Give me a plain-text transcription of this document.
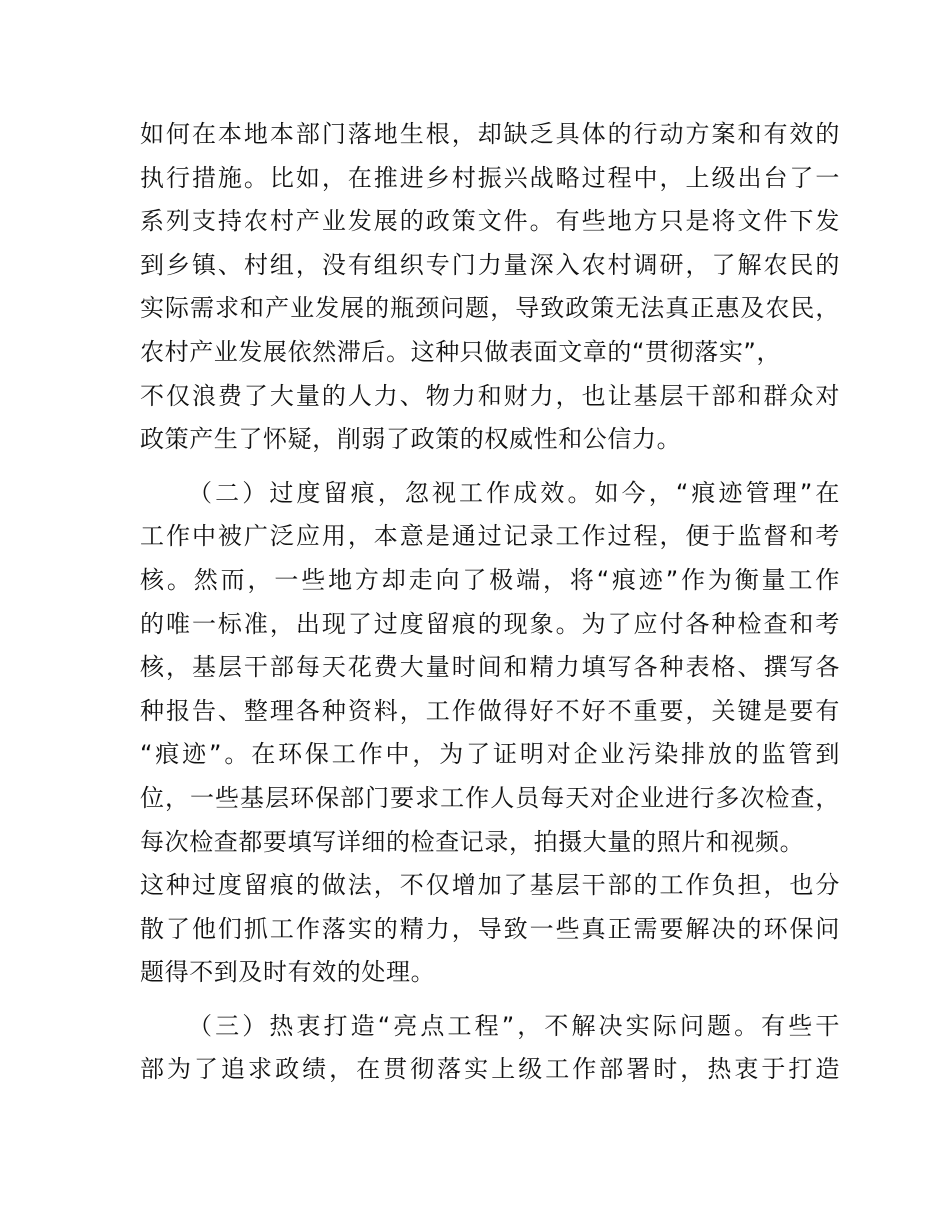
如何在本地本部门落地生根，却缺乏具体的行动方案和有效的
执行措施。比如，在推进乡村振兴战略过程中，上级出台了一
系列支持农村产业发展的政策文件。有些地方只是将文件下发
到乡镇、村组，没有组织专门力量深入农村调研，了解农民的
实际需求和产业发展的瓶颈问题，导致政策无法真正惠及农民，
农村产业发展依然滞后。这种只做表面文章的“贯彻落实”，
不仅浪费了大量的人力、物力和财力，也让基层干部和群众对
政策产生了怀疑，削弱了政策的权威性和公信力。
（二）过度留痕，忽视工作成效。如今，“痕迹管理”在
工作中被广泛应用，本意是通过记录工作过程，便于监督和考
核。然而，一些地方却走向了极端，将“痕迹”作为衡量工作
的唯一标准，出现了过度留痕的现象。为了应付各种检查和考
核，基层干部每天花费大量时间和精力填写各种表格、撰写各
种报告、整理各种资料，工作做得好不好不重要，关键是要有
“痕迹”。在环保工作中，为了证明对企业污染排放的监管到
位，一些基层环保部门要求工作人员每天对企业进行多次检查，
每次检查都要填写详细的检查记录，拍摄大量的照片和视频。
这种过度留痕的做法，不仅增加了基层干部的工作负担，也分
散了他们抓工作落实的精力，导致一些真正需要解决的环保问
题得不到及时有效的处理。
（三）热衷打造“亮点工程”，不解决实际问题。有些干
部为了追求政绩，在贯彻落实上级工作部署时，热衷于打造
